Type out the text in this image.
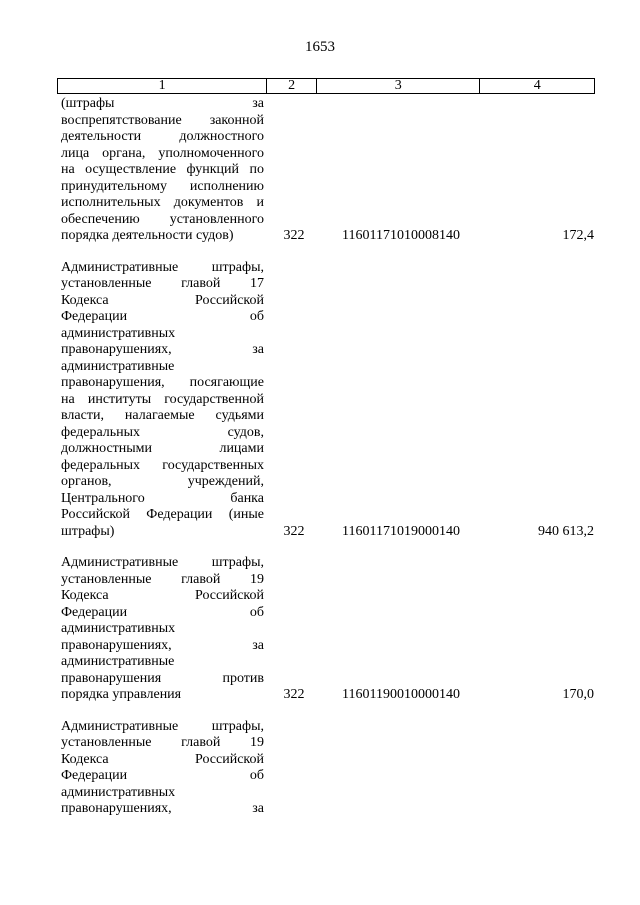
1653
1	2	3	4
(штрафы за
воспрепятствование законной
деятельности должностного
лица органа, уполномоченного
на осуществление функций по
принудительному исполнению
исполнительных документов и
обеспечению установленного
порядка деятельности судов)	322	11601171010008140	172,4
Административные штрафы,
установленные главой 17
Кодекса Российской
Федерации об
административных
правонарушениях, за
административные
правонарушения, посягающие
на институты государственной
власти, налагаемые судьями
федеральных судов,
должностными лицами
федеральных государственных
органов, учреждений,
Центрального банка
Российской Федерации (иные
штрафы)	322	11601171019000140	940 613,2
Административные штрафы,
установленные главой 19
Кодекса Российской
Федерации об
административных
правонарушениях, за
административные
правонарушения против
порядка управления	322	11601190010000140	170,0
Административные штрафы,
установленные главой 19
Кодекса Российской
Федерации об
административных
правонарушениях, за
